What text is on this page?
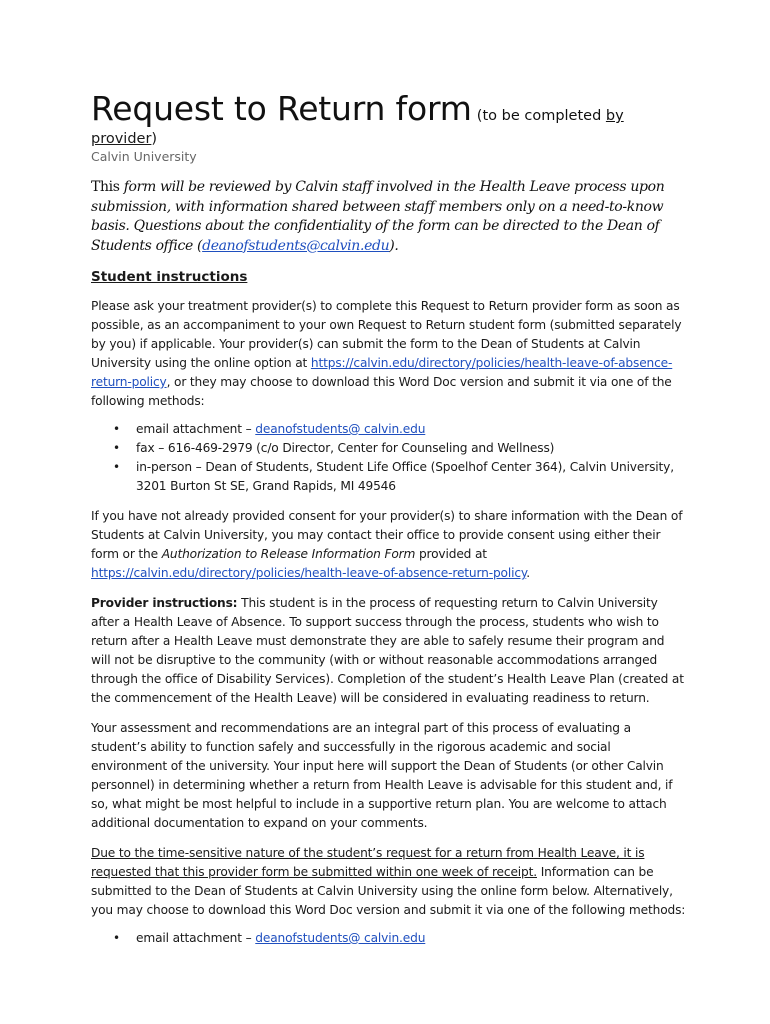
Request to Return form (to be completed by
provider)
Calvin University
This form will be reviewed by Calvin staff involved in the Health Leave process upon submission, with information shared between staff members only on a need-to-know basis. Questions about the confidentiality of the form can be directed to the Dean of Students office (deanofstudents@calvin.edu).
Student instructions

Please ask your treatment provider(s) to complete this Request to Return provider form as soon as possible, as an accompaniment to your own Request to Return student form (submitted separately by you) if applicable. Your provider(s) can submit the form to the Dean of Students at Calvin University using the online option at https://calvin.edu/directory/policies/health-leave-of-absence-return-policy, or they may choose to download this Word Doc version and submit it via one of the following methods:

• email attachment – deanofstudents@ calvin.edu
• fax – 616-469-2979 (c/o Director, Center for Counseling and Wellness)
• in-person – Dean of Students, Student Life Office (Spoelhof Center 364), Calvin University, 3201 Burton St SE, Grand Rapids, MI 49546

If you have not already provided consent for your provider(s) to share information with the Dean of Students at Calvin University, you may contact their office to provide consent using either their form or the Authorization to Release Information Form provided at https://calvin.edu/directory/policies/health-leave-of-absence-return-policy.

Provider instructions: This student is in the process of requesting return to Calvin University after a Health Leave of Absence. To support success through the process, students who wish to return after a Health Leave must demonstrate they are able to safely resume their program and will not be disruptive to the community (with or without reasonable accommodations arranged through the office of Disability Services). Completion of the student’s Health Leave Plan (created at the commencement of the Health Leave) will be considered in evaluating readiness to return.

Your assessment and recommendations are an integral part of this process of evaluating a student’s ability to function safely and successfully in the rigorous academic and social environment of the university. Your input here will support the Dean of Students (or other Calvin personnel) in determining whether a return from Health Leave is advisable for this student and, if so, what might be most helpful to include in a supportive return plan. You are welcome to attach additional documentation to expand on your comments.

Due to the time-sensitive nature of the student’s request for a return from Health Leave, it is requested that this provider form be submitted within one week of receipt. Information can be submitted to the Dean of Students at Calvin University using the online form below. Alternatively, you may choose to download this Word Doc version and submit it via one of the following methods:

• email attachment – deanofstudents@ calvin.edu
